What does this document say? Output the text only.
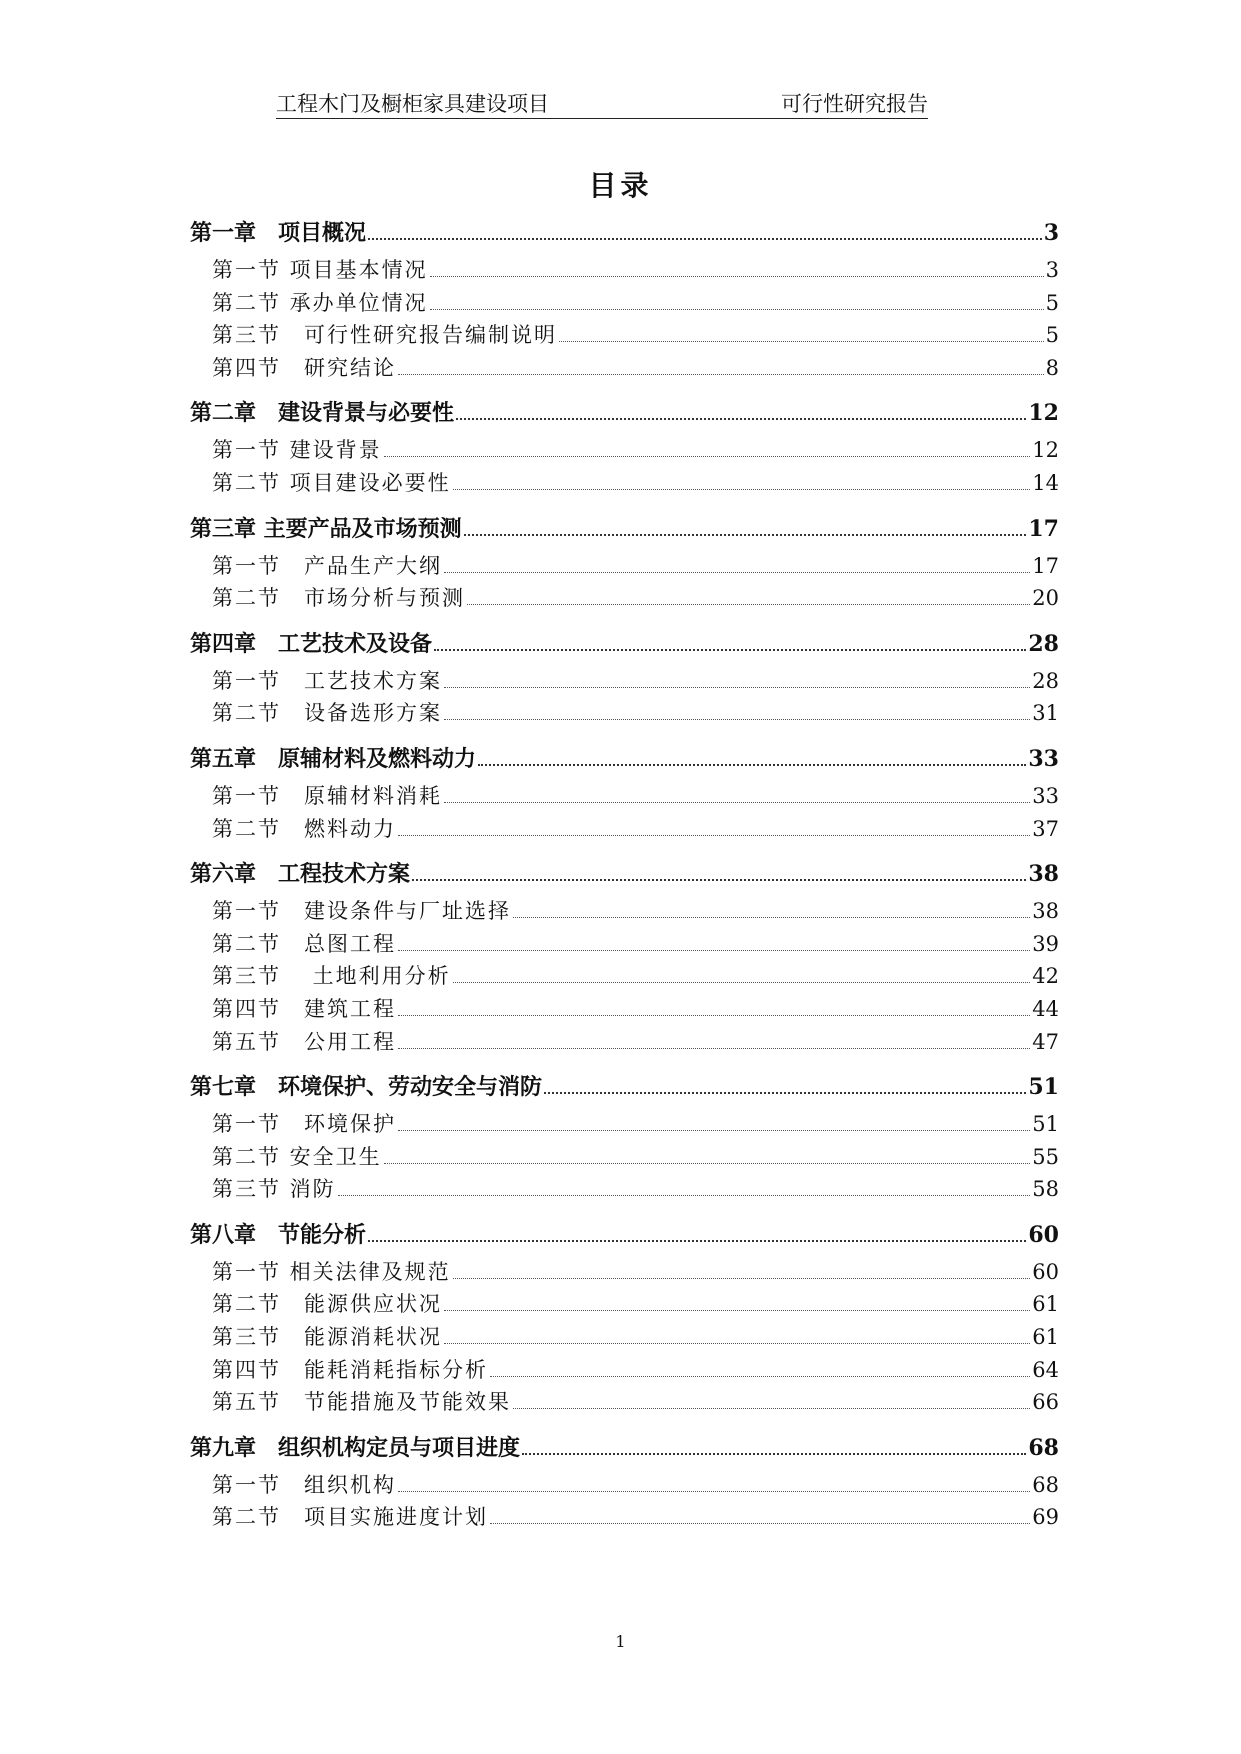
工程木门及橱柜家具建设项目	可行性研究报告
目录
第一章　项目概况	3
第一节 项目基本情况	3
第二节 承办单位情况	5
第三节　可行性研究报告编制说明	5
第四节　研究结论	8
第二章　建设背景与必要性	12
第一节 建设背景	12
第二节 项目建设必要性	14
第三章 主要产品及市场预测	17
第一节　产品生产大纲	17
第二节　市场分析与预测	20
第四章　工艺技术及设备	28
第一节　工艺技术方案	28
第二节　设备选形方案	31
第五章　原辅材料及燃料动力	33
第一节　原辅材料消耗	33
第二节　燃料动力	37
第六章　工程技术方案	38
第一节　建设条件与厂址选择	38
第二节　总图工程	39
第三节　 土地利用分析	42
第四节　建筑工程	44
第五节　公用工程	47
第七章　环境保护、劳动安全与消防	51
第一节　环境保护	51
第二节 安全卫生	55
第三节 消防	58
第八章　节能分析	60
第一节 相关法律及规范	60
第二节　能源供应状况	61
第三节　能源消耗状况	61
第四节　能耗消耗指标分析	64
第五节　节能措施及节能效果	66
第九章　组织机构定员与项目进度	68
第一节　组织机构	68
第二节　项目实施进度计划	69
1
